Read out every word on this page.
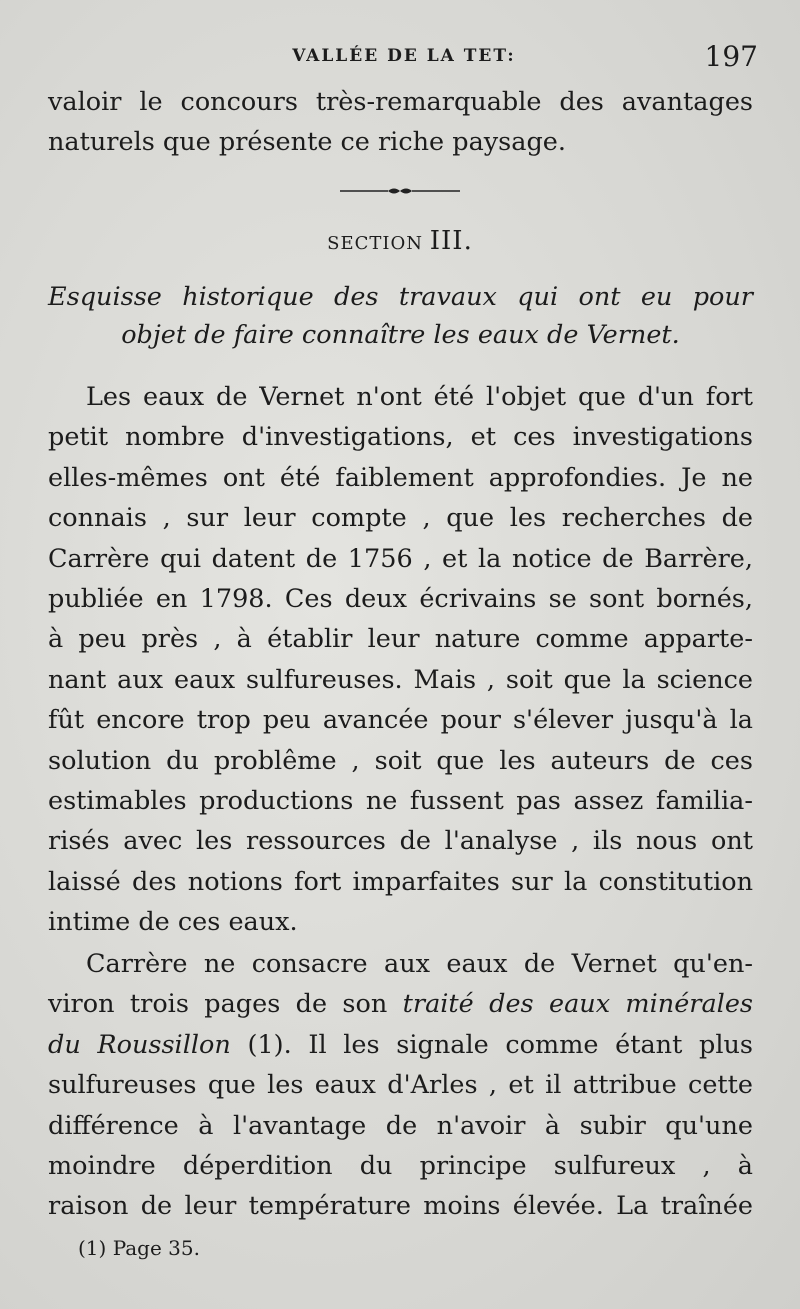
VALLÉE DE LA TET:	197

valoir le concours très-remarquable des avantages

naturels que présente ce riche paysage.

SECTION III.

Esquisse historique des travaux qui ont eu pour

objet de faire connaître les eaux de Vernet.

Les eaux de Vernet n'ont été l'objet que d'un fort

petit nombre d'investigations, et ces investigations

elles-mêmes ont été faiblement approfondies. Je ne

connais , sur leur compte , que les recherches de

Carrère qui datent de 1756 , et la notice de Barrère,

publiée en 1798. Ces deux écrivains se sont bornés,

à peu près , à établir leur nature comme apparte-

nant aux eaux sulfureuses. Mais , soit que la science

fût encore trop peu avancée pour s'élever jusqu'à la

solution du problême , soit que les auteurs de ces

estimables productions ne fussent pas assez familia-

risés avec les ressources de l'analyse , ils nous ont

laissé des notions fort imparfaites sur la constitution

intime de ces eaux.

Carrère ne consacre aux eaux de Vernet qu'en-

viron trois pages de son traité des eaux minérales

du Roussillon (1). Il les signale comme étant plus

sulfureuses que les eaux d'Arles , et il attribue cette

différence à l'avantage de n'avoir à subir qu'une

moindre déperdition du principe sulfureux , à

raison de leur température moins élevée. La traînée

(1) Page 35.
